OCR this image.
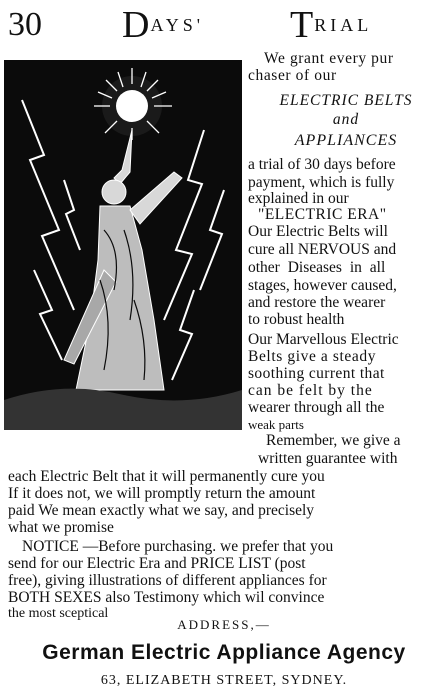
30 $D^{AYS'}$ $T^{RIAL}$
We grant every pur
chaser of our
ELECTRIC BELTS
and
APPLIANCES
a trial of 30 days before
payment, which is fully
explained in our
"ELECTRIC ERA"
Our Electric Belts will
cure all NERVOUS and
other Diseases in all
stages, however caused,
and restore the wearer
to robust health
Our Marvellous Electric
Belts give a steady
soothing current that
can be felt by the
wearer through all the
weak parts
Remember, we give a
written guarantee with
each Electric Belt that it will permanently cure you
If it does not, we will promptly return the amount
paid We mean exactly what we say, and precisely
what we promise
NOTICE —Before purchasing. we prefer that you
send for our Electric Era and PRICE LIST (post
free), giving illustrations of different appliances for
BOTH SEXES also Testimony which wil convince
the most sceptical
ADDRESS,—
German Electric Appliance Agency
63, ELIZABETH STREET, SYDNEY.
